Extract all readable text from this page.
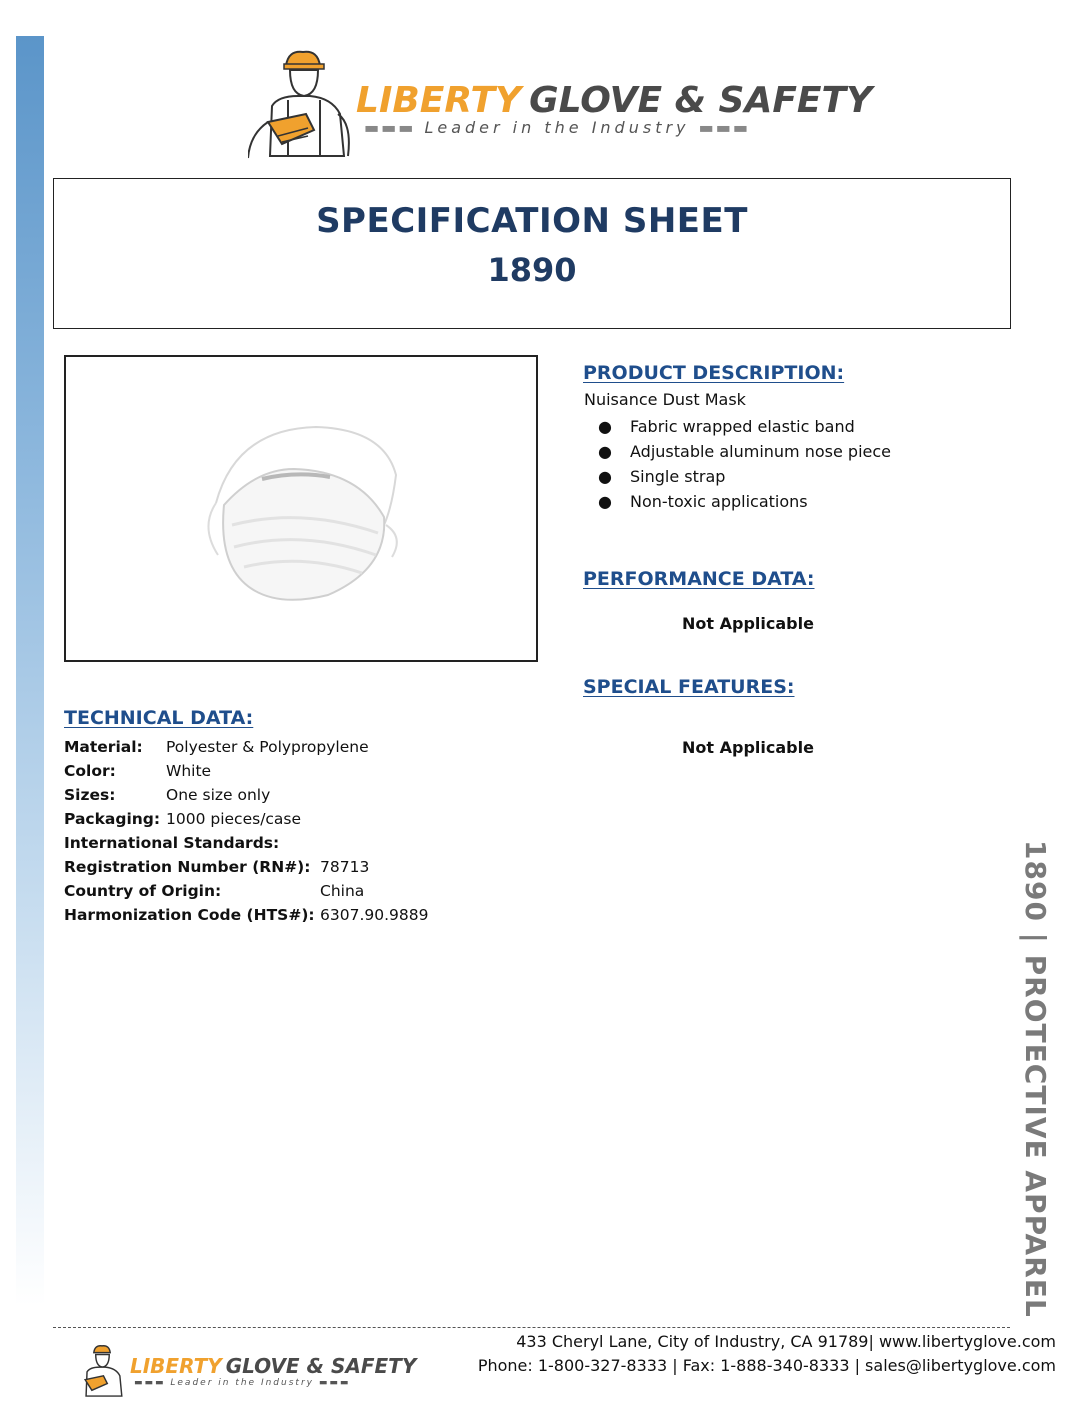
LIBERTY GLOVE & SAFETY
▬▬▬ Leader in the Industry ▬▬▬
SPECIFICATION SHEET
1890
PRODUCT DESCRIPTION:
Nuisance Dust Mask
● Fabric wrapped elastic band
● Adjustable aluminum nose piece
● Single strap
● Non-toxic applications
PERFORMANCE DATA:
Not Applicable
SPECIAL FEATURES:
Not Applicable
TECHNICAL DATA:
Material: Polyester & Polypropylene
Color:	White
Sizes:	One size only
Packaging: 1000 pieces/case
International Standards:
Registration Number (RN#): 78713
Country of Origin:	China
Harmonization Code (HTS#): 6307.90.9889	1890 | PROTECTIVE APPAREL
LIBERTY GLOVE & SAFETY
▬▬▬ Leader in the Industry ▬▬▬
433 Cheryl Lane, City of Industry, CA 91789| www.libertyglove.com
Phone: 1-800-327-8333 | Fax: 1-888-340-8333 | sales@libertyglove.com
